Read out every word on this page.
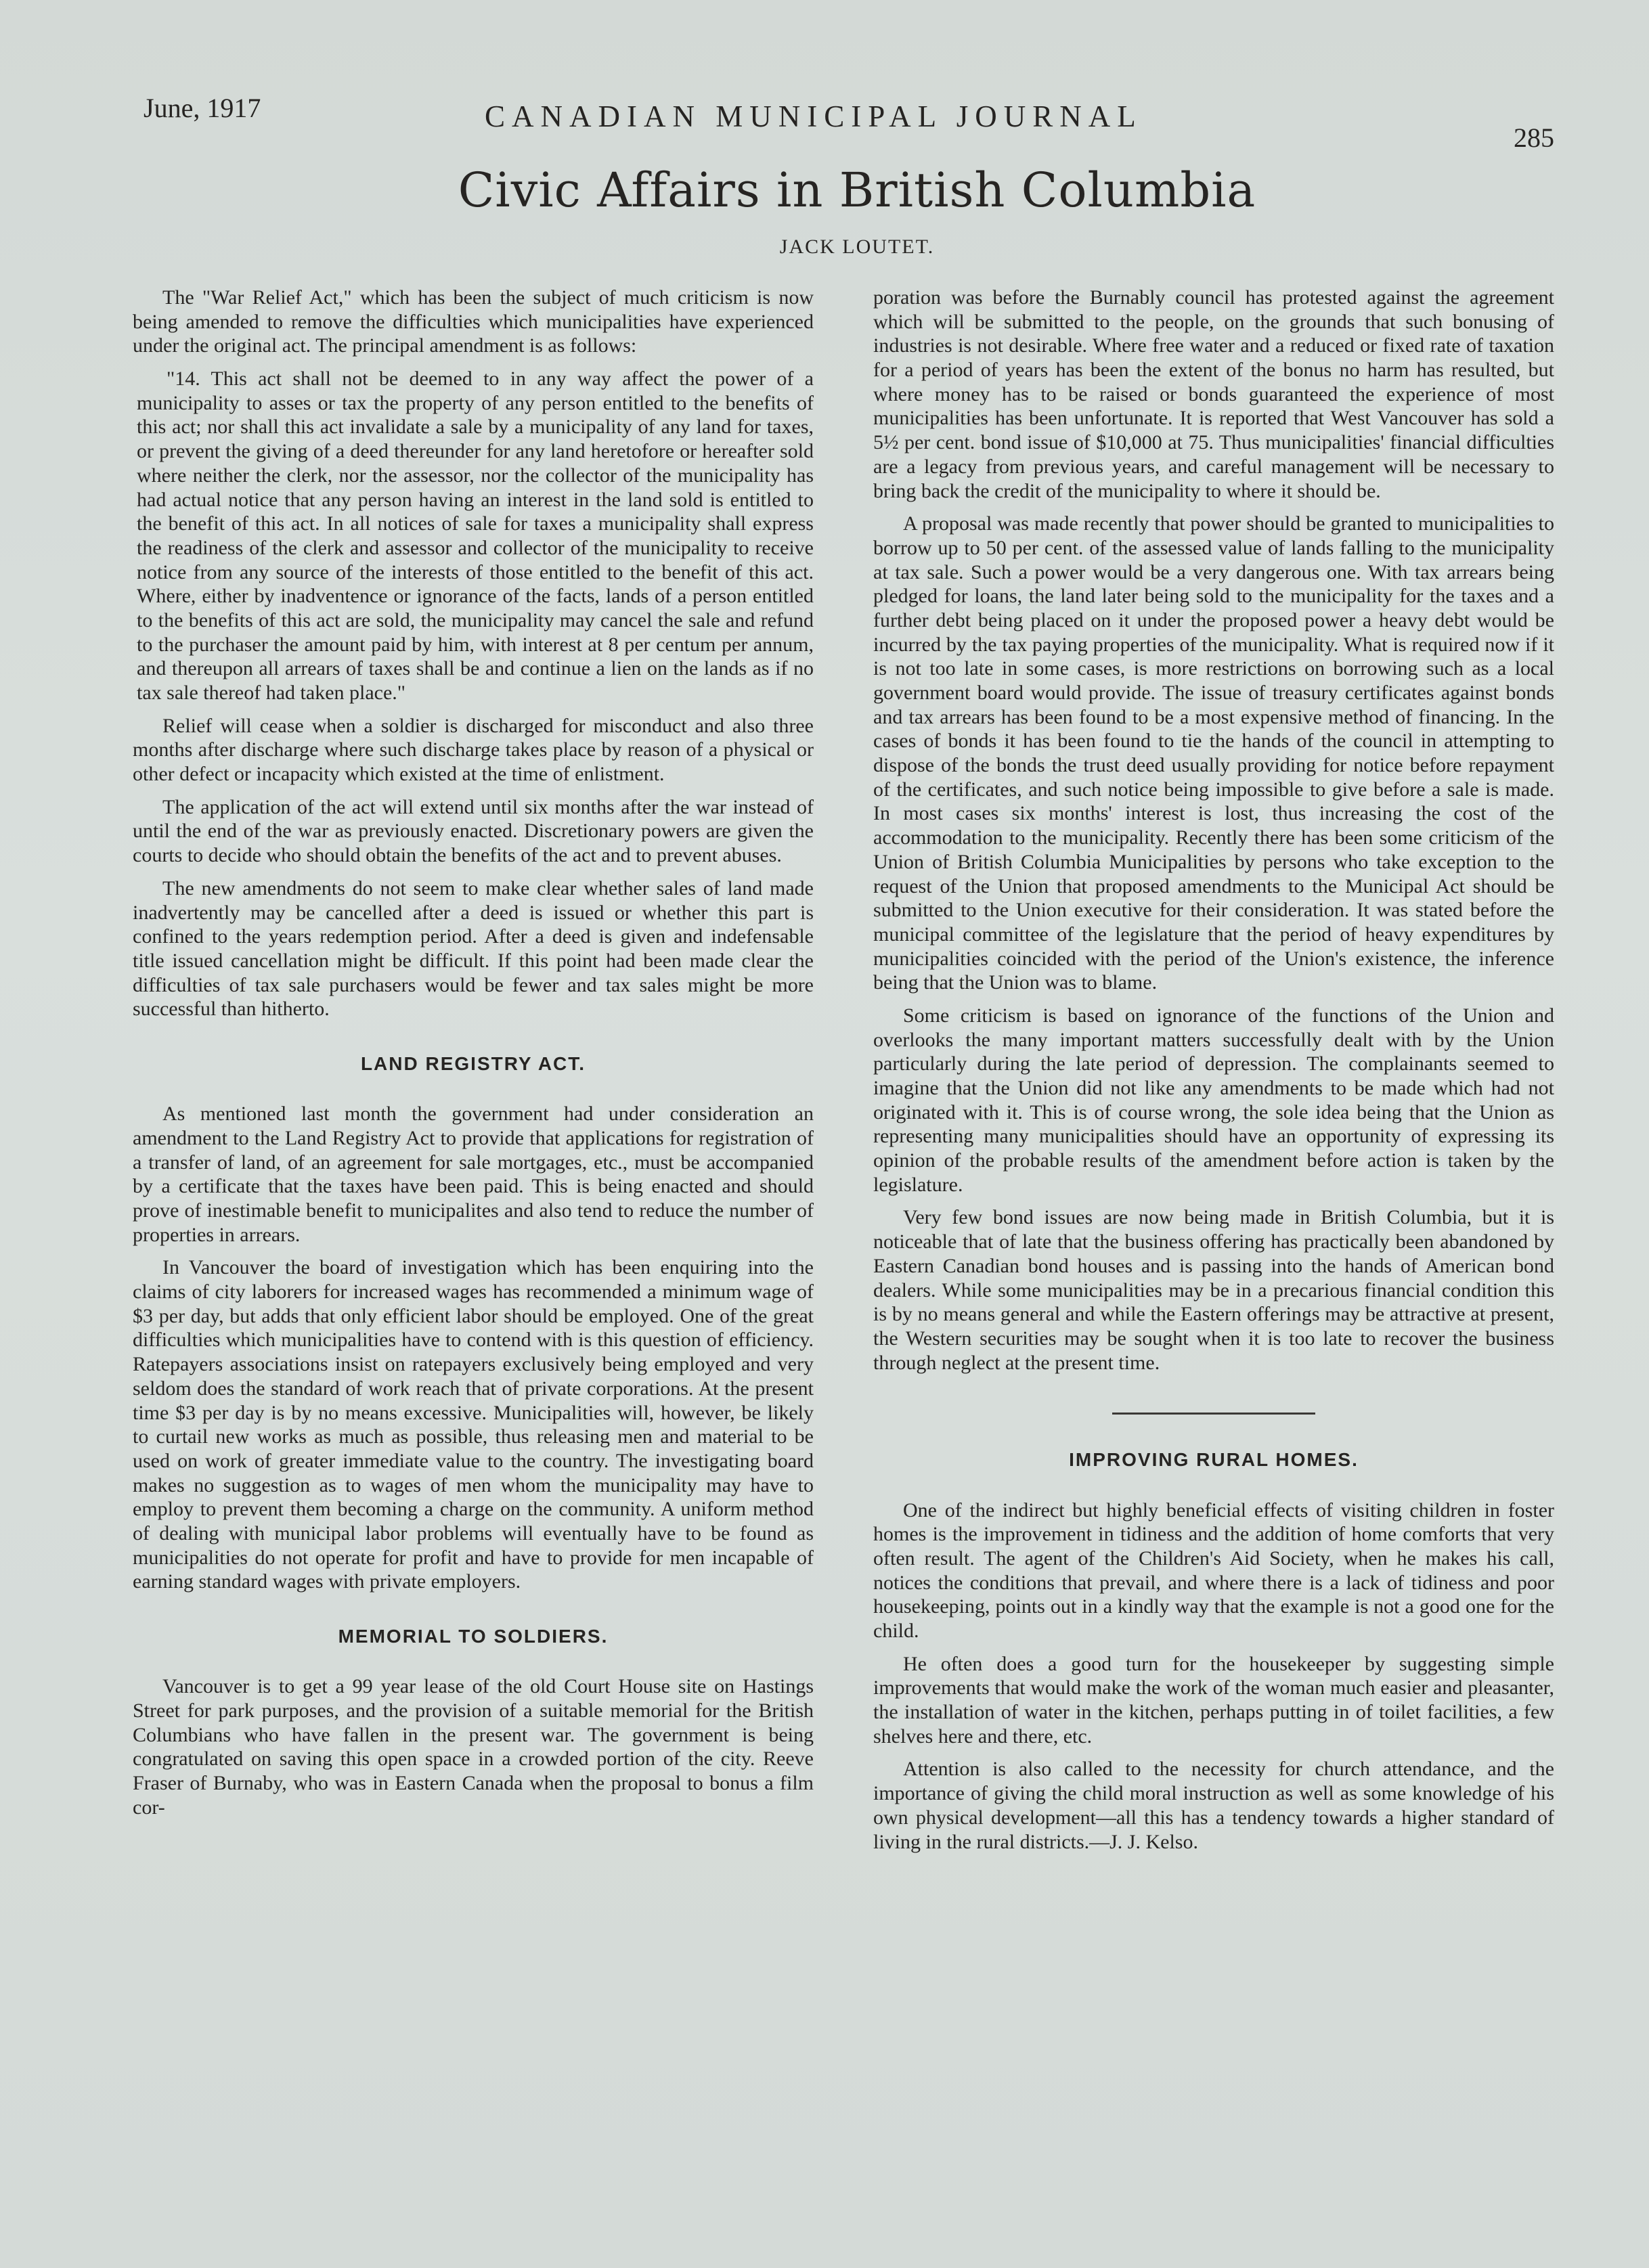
June, 1917	CANADIAN MUNICIPAL JOURNAL
285
Civic Affairs in British Columbia
JACK LOUTET.

The "War Relief Act," which has been the subject of much criticism is now being amended to remove the difficulties which municipalities have experienced under the original act. The principal amendment is as follows:

"14. This act shall not be deemed to in any way affect the power of a municipality to asses or tax the property of any person entitled to the benefits of this act; nor shall this act invalidate a sale by a municipality of any land for taxes, or prevent the giving of a deed thereunder for any land heretofore or hereafter sold where neither the clerk, nor the assessor, nor the collector of the municipality has had actual notice that any person having an interest in the land sold is entitled to the benefit of this act. In all notices of sale for taxes a municipality shall express the readiness of the clerk and assessor and collector of the municipality to receive notice from any source of the interests of those entitled to the benefit of this act. Where, either by inadventence or ignorance of the facts, lands of a person entitled to the benefits of this act are sold, the municipality may cancel the sale and refund to the purchaser the amount paid by him, with interest at 8 per centum per annum, and thereupon all arrears of taxes shall be and continue a lien on the lands as if no tax sale thereof had taken place."

Relief will cease when a soldier is discharged for misconduct and also three months after discharge where such discharge takes place by reason of a physical or other defect or incapacity which existed at the time of enlistment.

The application of the act will extend until six months after the war instead of until the end of the war as previously enacted. Discretionary powers are given the courts to decide who should obtain the benefits of the act and to prevent abuses.

The new amendments do not seem to make clear whether sales of land made inadvertently may be cancelled after a deed is issued or whether this part is confined to the years redemption period. After a deed is given and indefensable title issued cancellation might be difficult. If this point had been made clear the difficulties of tax sale purchasers would be fewer and tax sales might be more successful than hitherto.

LAND REGISTRY ACT.

As mentioned last month the government had under consideration an amendment to the Land Registry Act to provide that applications for registration of a transfer of land, of an agreement for sale mortgages, etc., must be accompanied by a certificate that the taxes have been paid. This is being enacted and should prove of inestimable benefit to municipalites and also tend to reduce the number of properties in arrears.

In Vancouver the board of investigation which has been enquiring into the claims of city laborers for increased wages has recommended a minimum wage of $3 per day, but adds that only efficient labor should be employed. One of the great difficulties which municipalities have to contend with is this question of efficiency. Ratepayers associations insist on ratepayers exclusively being employed and very seldom does the standard of work reach that of private corporations. At the present time $3 per day is by no means excessive. Municipalities will, however, be likely to curtail new works as much as possible, thus releasing men and material to be used on work of greater immediate value to the country. The investigating board makes no suggestion as to wages of men whom the municipality may have to employ to prevent them becoming a charge on the community. A uniform method of dealing with municipal labor problems will eventually have to be found as municipalities do not operate for profit and have to provide for men incapable of earning standard wages with private employers.

MEMORIAL TO SOLDIERS.

Vancouver is to get a 99 year lease of the old Court House site on Hastings Street for park purposes, and the provision of a suitable memorial for the British Columbians who have fallen in the present war. The government is being congratulated on saving this open space in a crowded portion of the city. Reeve Fraser of Burnaby, who was in Eastern Canada when the proposal to bonus a film cor-

poration was before the Burnably council has protested against the agreement which will be submitted to the people, on the grounds that such bonusing of industries is not desirable. Where free water and a reduced or fixed rate of taxation for a period of years has been the extent of the bonus no harm has resulted, but where money has to be raised or bonds guaranteed the experience of most municipalities has been unfortunate. It is reported that West Vancouver has sold a 5½ per cent. bond issue of $10,000 at 75. Thus municipalities' financial difficulties are a legacy from previous years, and careful management will be necessary to bring back the credit of the municipality to where it should be.

A proposal was made recently that power should be granted to municipalities to borrow up to 50 per cent. of the assessed value of lands falling to the municipality at tax sale. Such a power would be a very dangerous one. With tax arrears being pledged for loans, the land later being sold to the municipality for the taxes and a further debt being placed on it under the proposed power a heavy debt would be incurred by the tax paying properties of the municipality. What is required now if it is not too late in some cases, is more restrictions on borrowing such as a local government board would provide. The issue of treasury certificates against bonds and tax arrears has been found to be a most expensive method of financing. In the cases of bonds it has been found to tie the hands of the council in attempting to dispose of the bonds the trust deed usually providing for notice before repayment of the certificates, and such notice being impossible to give before a sale is made. In most cases six months' interest is lost, thus increasing the cost of the accommodation to the municipality. Recently there has been some criticism of the Union of British Columbia Municipalities by persons who take exception to the request of the Union that proposed amendments to the Municipal Act should be submitted to the Union executive for their consideration. It was stated before the municipal committee of the legislature that the period of heavy expenditures by municipalities coincided with the period of the Union's existence, the inference being that the Union was to blame.

Some criticism is based on ignorance of the functions of the Union and overlooks the many important matters successfully dealt with by the Union particularly during the late period of depression. The complainants seemed to imagine that the Union did not like any amendments to be made which had not originated with it. This is of course wrong, the sole idea being that the Union as representing many municipalities should have an opportunity of expressing its opinion of the probable results of the amendment before action is taken by the legislature.

Very few bond issues are now being made in British Columbia, but it is noticeable that of late that the business offering has practically been abandoned by Eastern Canadian bond houses and is passing into the hands of American bond dealers. While some municipalities may be in a precarious financial condition this is by no means general and while the Eastern offerings may be attractive at present, the Western securities may be sought when it is too late to recover the business through neglect at the present time.

IMPROVING RURAL HOMES.

One of the indirect but highly beneficial effects of visiting children in foster homes is the improvement in tidiness and the addition of home comforts that very often result. The agent of the Children's Aid Society, when he makes his call, notices the conditions that prevail, and where there is a lack of tidiness and poor housekeeping, points out in a kindly way that the example is not a good one for the child.

He often does a good turn for the housekeeper by suggesting simple improvements that would make the work of the woman much easier and pleasanter, the installation of water in the kitchen, perhaps putting in of toilet facilities, a few shelves here and there, etc.

Attention is also called to the necessity for church attendance, and the importance of giving the child moral instruction as well as some knowledge of his own physical development—all this has a tendency towards a higher standard of living in the rural districts.—J. J. Kelso.
